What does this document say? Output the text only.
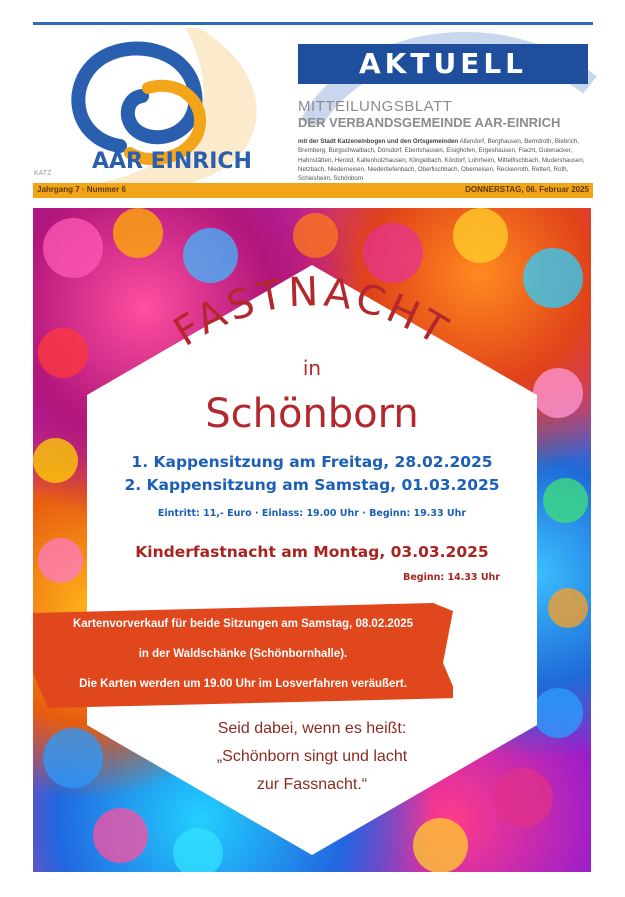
AAR EINRICH
KATZ
AKTUELL
MITTEILUNGSBLATT
DER VERBANDSGEMEINDE AAR-EINRICH
mit der Stadt Katzenelnbogen und den Ortsgemeinden Allendorf, Berghausen, Berndroth, Biebrich, Bremberg, Burgschwalbach, Dörsdorf, Ebertshausen, Eisighofen, Ergeshausen, Flacht, Gutenacker, Hahnstätten, Herold, Kaltenholzhausen, Klingelbach, Kördorf, Lohrheim, Mittelfischbach, Mudershausen, Netzbach, Niederneisen, Niedertiefenbach, Oberfischbach, Oberneisen, Reckenroth, Rettert, Roth, Schiesheim, Schönborn
Jahrgang 7 · Nummer 6	DONNERSTAG, 06. Februar 2025
FASTNACHT
in
Schönborn
1. Kappensitzung am Freitag, 28.02.2025
2. Kappensitzung am Samstag, 01.03.2025
Eintritt: 11,- Euro · Einlass: 19.00 Uhr · Beginn: 19.33 Uhr
Kinderfastnacht am Montag, 03.03.2025
Beginn: 14.33 Uhr
Kartenvorverkauf für beide Sitzungen am Samstag, 08.02.2025
in der Waldschänke (Schönbornhalle).
Die Karten werden um 19.00 Uhr im Losverfahren veräußert.
Seid dabei, wenn es heißt:
„Schönborn singt und lacht
zur Fassnacht.“
